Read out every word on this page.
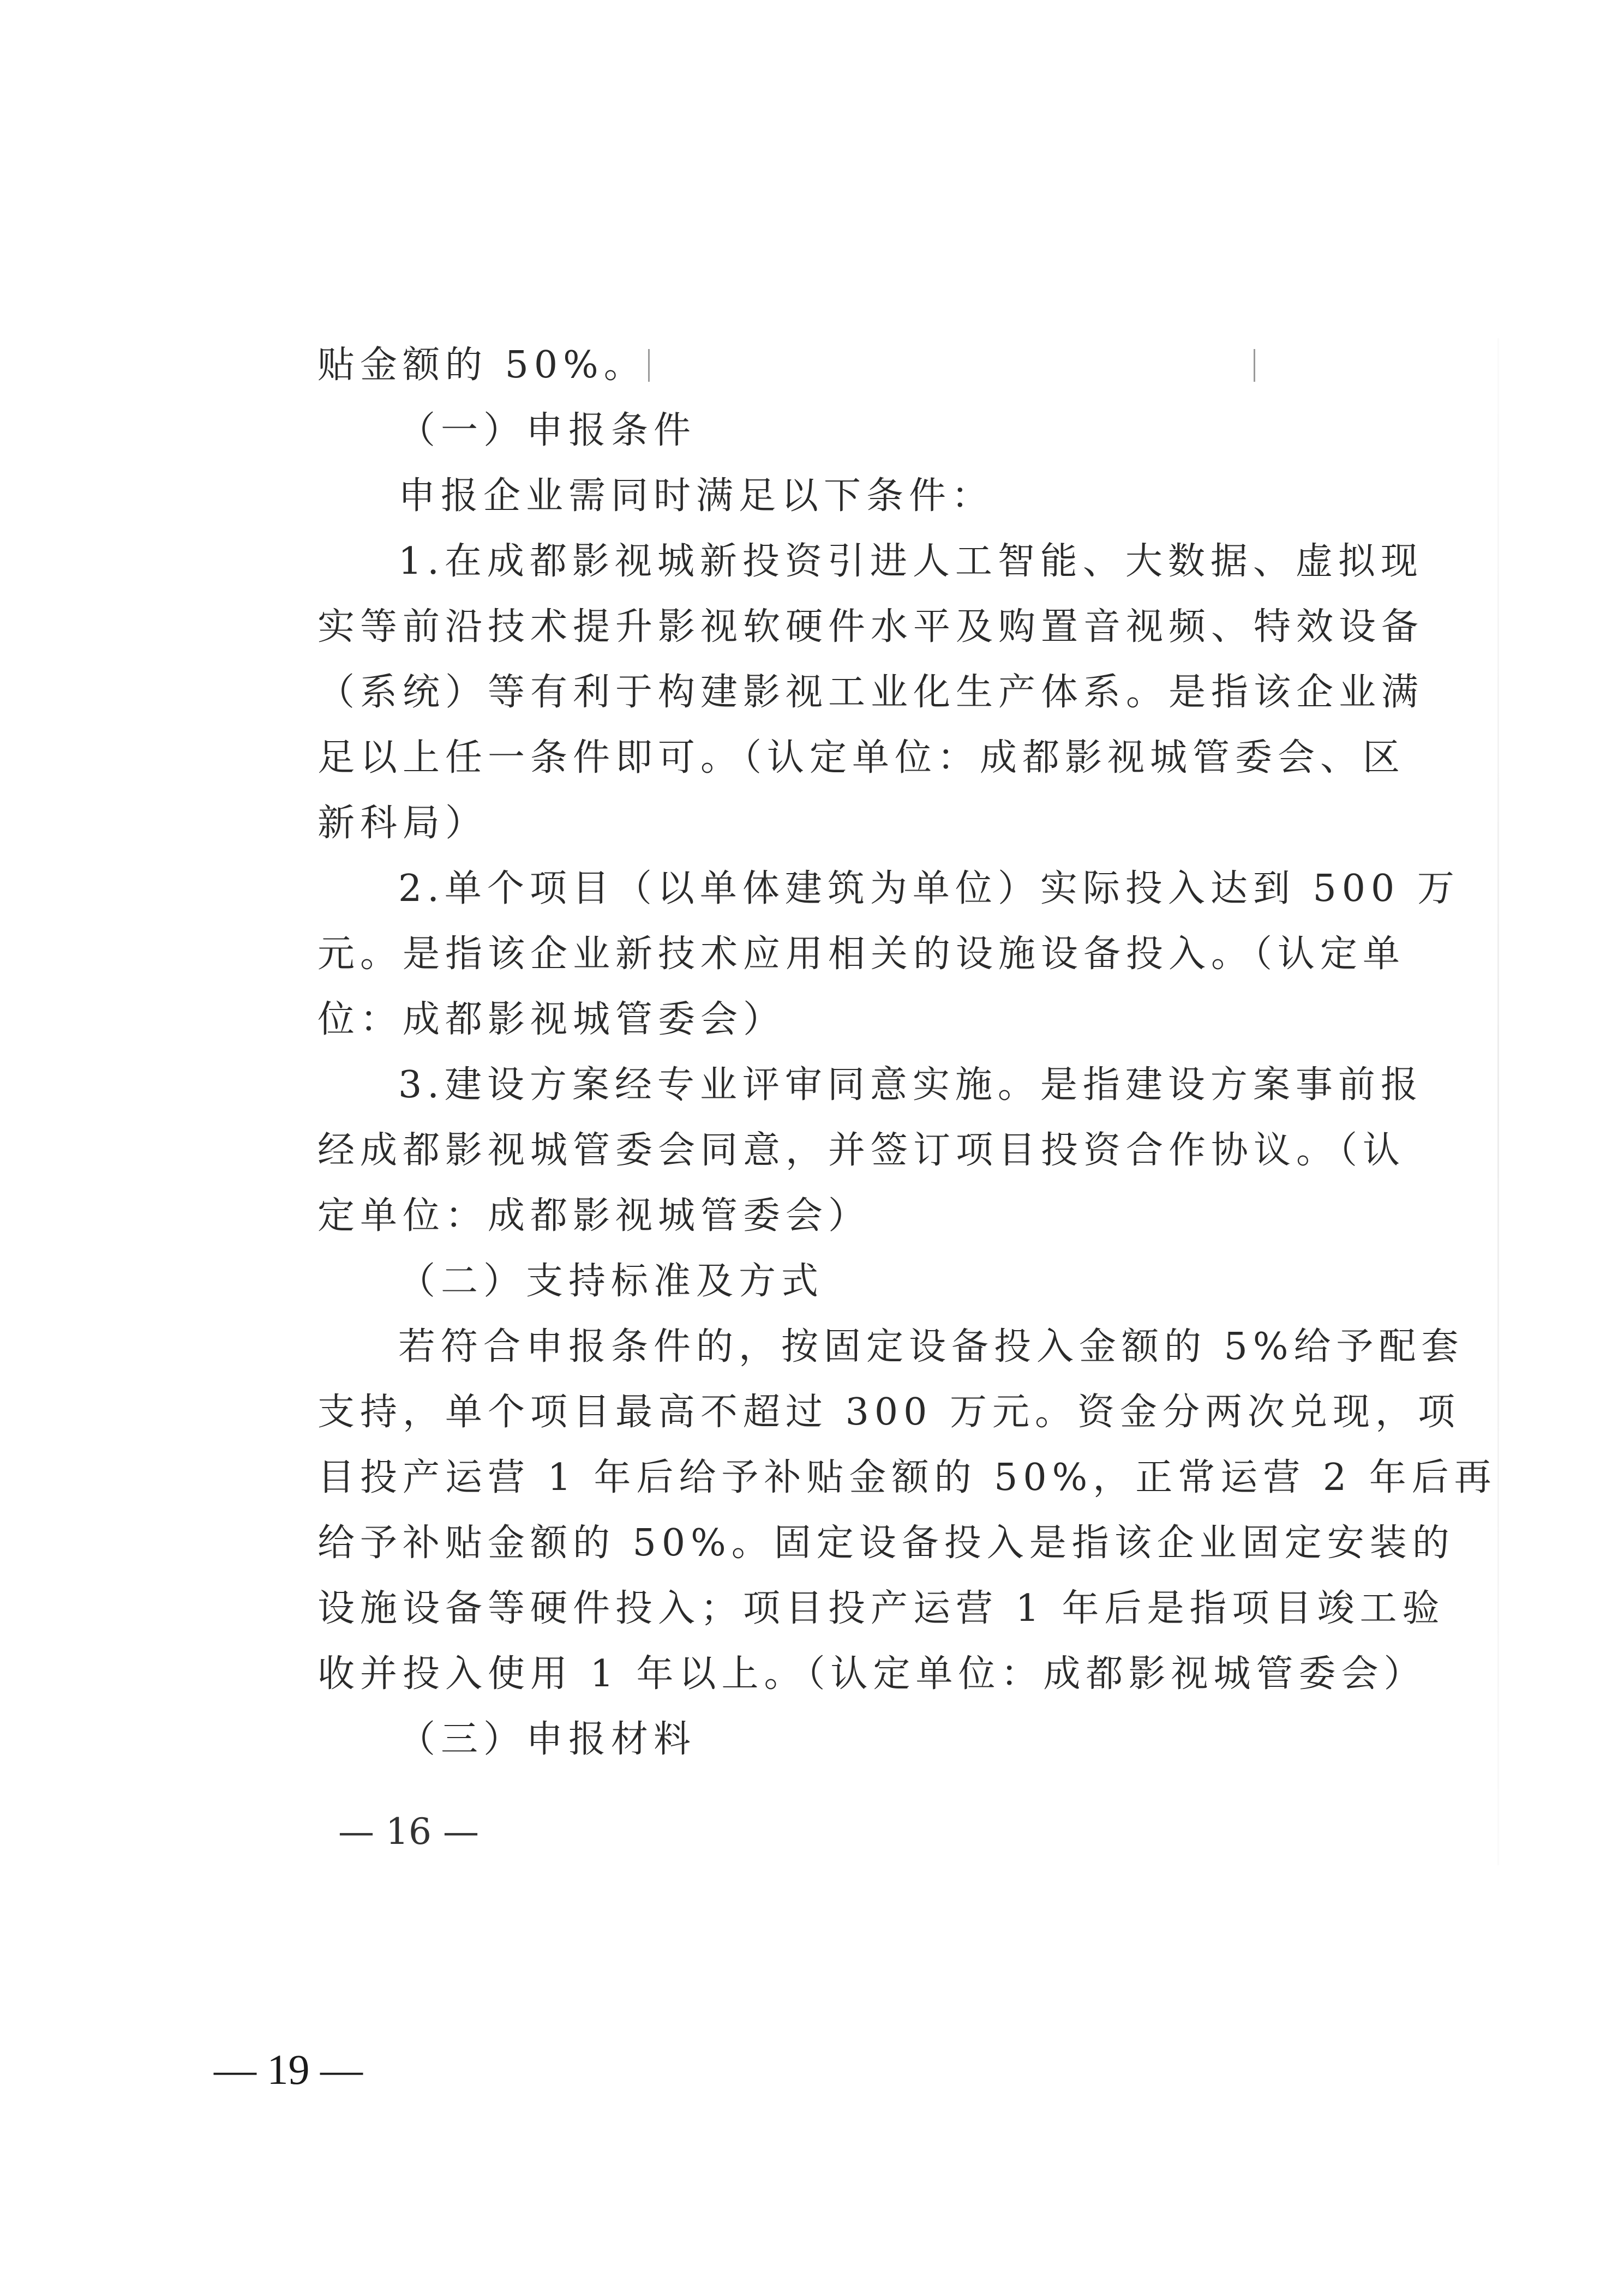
贴金额的 50%。
（一）申报条件
申报企业需同时满足以下条件：
1.在成都影视城新投资引进人工智能、大数据、虚拟现
实等前沿技术提升影视软硬件水平及购置音视频、特效设备
（系统）等有利于构建影视工业化生产体系。是指该企业满
足以上任一条件即可。（认定单位：成都影视城管委会、区
新科局）
2.单个项目（以单体建筑为单位）实际投入达到 500 万
元。是指该企业新技术应用相关的设施设备投入。（认定单
位：成都影视城管委会）
3.建设方案经专业评审同意实施。是指建设方案事前报
经成都影视城管委会同意，并签订项目投资合作协议。（认
定单位：成都影视城管委会）
（二）支持标准及方式
若符合申报条件的，按固定设备投入金额的 5%给予配套
支持，单个项目最高不超过 300 万元。资金分两次兑现，项
目投产运营 1 年后给予补贴金额的 50%，正常运营 2 年后再
给予补贴金额的 50%。固定设备投入是指该企业固定安装的
设施设备等硬件投入；项目投产运营 1 年后是指项目竣工验
收并投入使用 1 年以上。（认定单位：成都影视城管委会）
（三）申报材料
— 16 —
— 19 —
